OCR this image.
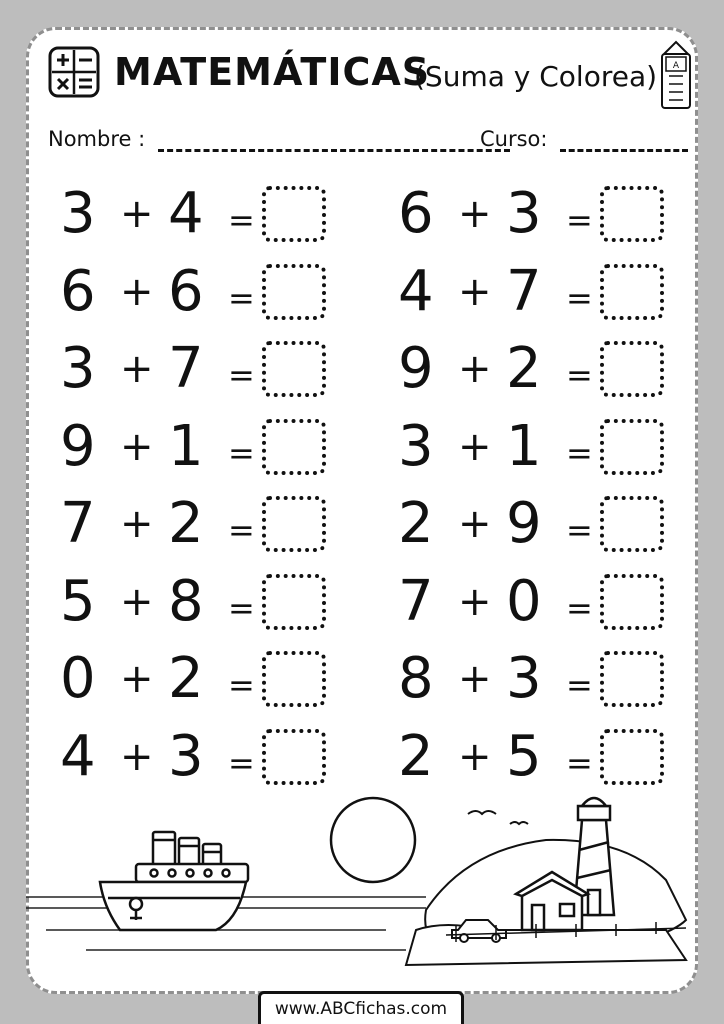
MATEMÁTICAS
(Suma y Colorea) A
Nombre :	Curso:
3 + 4 =
6 + 6 =
3 + 7 =
9 + 1 =
7 + 2 =
5 + 8 =
0 + 2 =
4 + 3 =
6 + 3 =
4 + 7 =
9 + 2 =
3 + 1 =
2 + 9 =
7 + 0 =
8 + 3 =
2 + 5 =
www.ABCfichas.com
